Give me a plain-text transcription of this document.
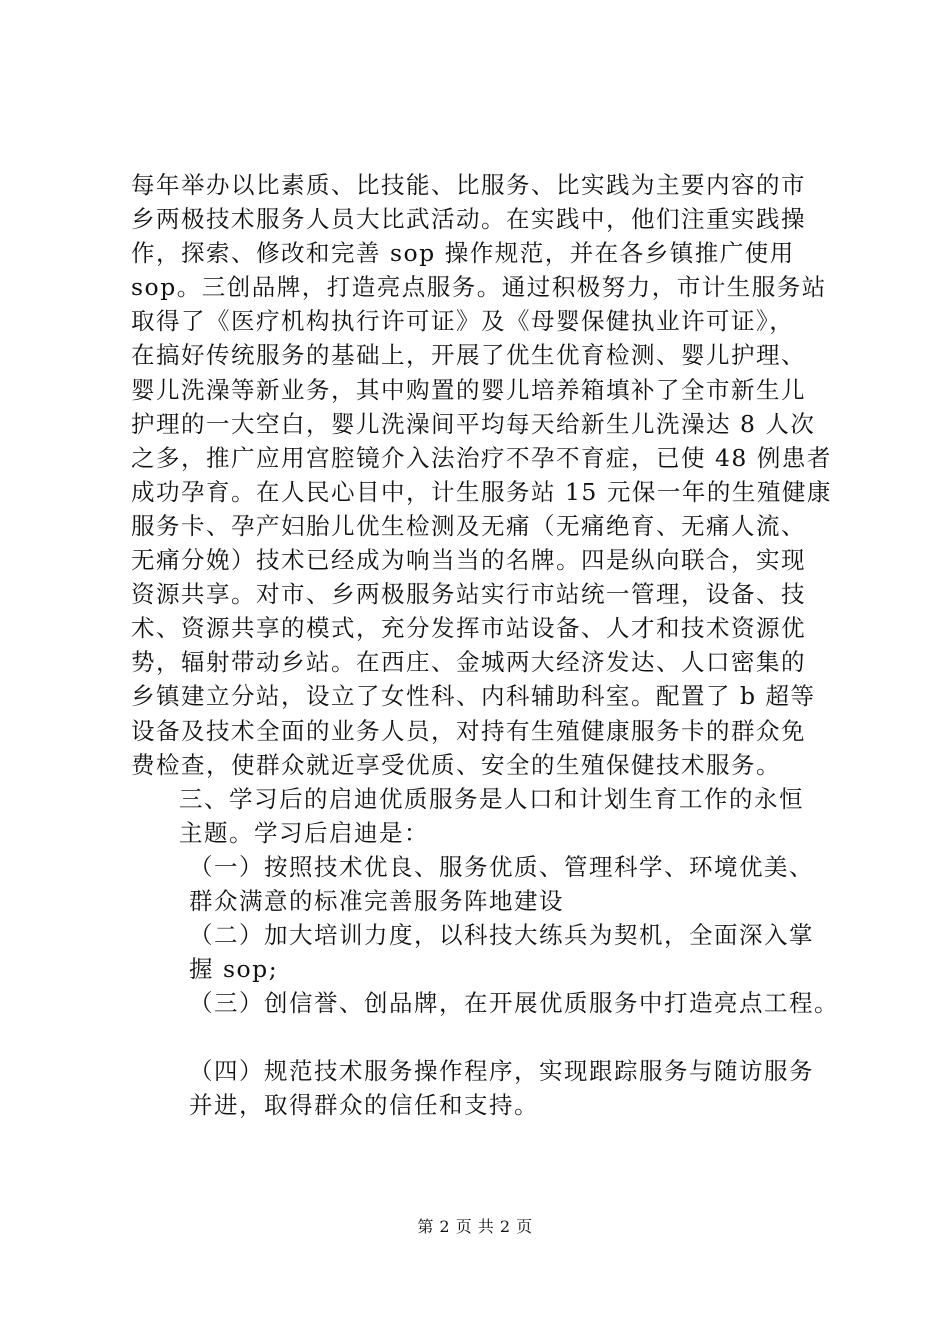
每年举办以比素质、比技能、比服务、比实践为主要内容的市
乡两极技术服务人员大比武活动。在实践中，他们注重实践操
作，探索、修改和完善 sop 操作规范，并在各乡镇推广使用
sop。三创品牌，打造亮点服务。通过积极努力，市计生服务站
取得了《医疗机构执行许可证》及《母婴保健执业许可证》，
在搞好传统服务的基础上，开展了优生优育检测、婴儿护理、
婴儿洗澡等新业务，其中购置的婴儿培养箱填补了全市新生儿
护理的一大空白，婴儿洗澡间平均每天给新生儿洗澡达 8 人次
之多，推广应用宫腔镜介入法治疗不孕不育症，已使 48 例患者
成功孕育。在人民心目中，计生服务站 15 元保一年的生殖健康
服务卡、孕产妇胎儿优生检测及无痛（无痛绝育、无痛人流、
无痛分娩）技术已经成为响当当的名牌。四是纵向联合，实现
资源共享。对市、乡两极服务站实行市站统一管理，设备、技
术、资源共享的模式，充分发挥市站设备、人才和技术资源优
势，辐射带动乡站。在西庄、金城两大经济发达、人口密集的
乡镇建立分站，设立了女性科、内科辅助科室。配置了 b 超等
设备及技术全面的业务人员，对持有生殖健康服务卡的群众免
费检查，使群众就近享受优质、安全的生殖保健技术服务。

三、学习后的启迪优质服务是人口和计划生育工作的永恒
主题。学习后启迪是：

（一）按照技术优良、服务优质、管理科学、环境优美、
群众满意的标准完善服务阵地建设

（二）加大培训力度，以科技大练兵为契机，全面深入掌
握 sop;

（三）创信誉、创品牌，在开展优质服务中打造亮点工程。

（四）规范技术服务操作程序，实现跟踪服务与随访服务
并进，取得群众的信任和支持。

第 2 页 共 2 页
